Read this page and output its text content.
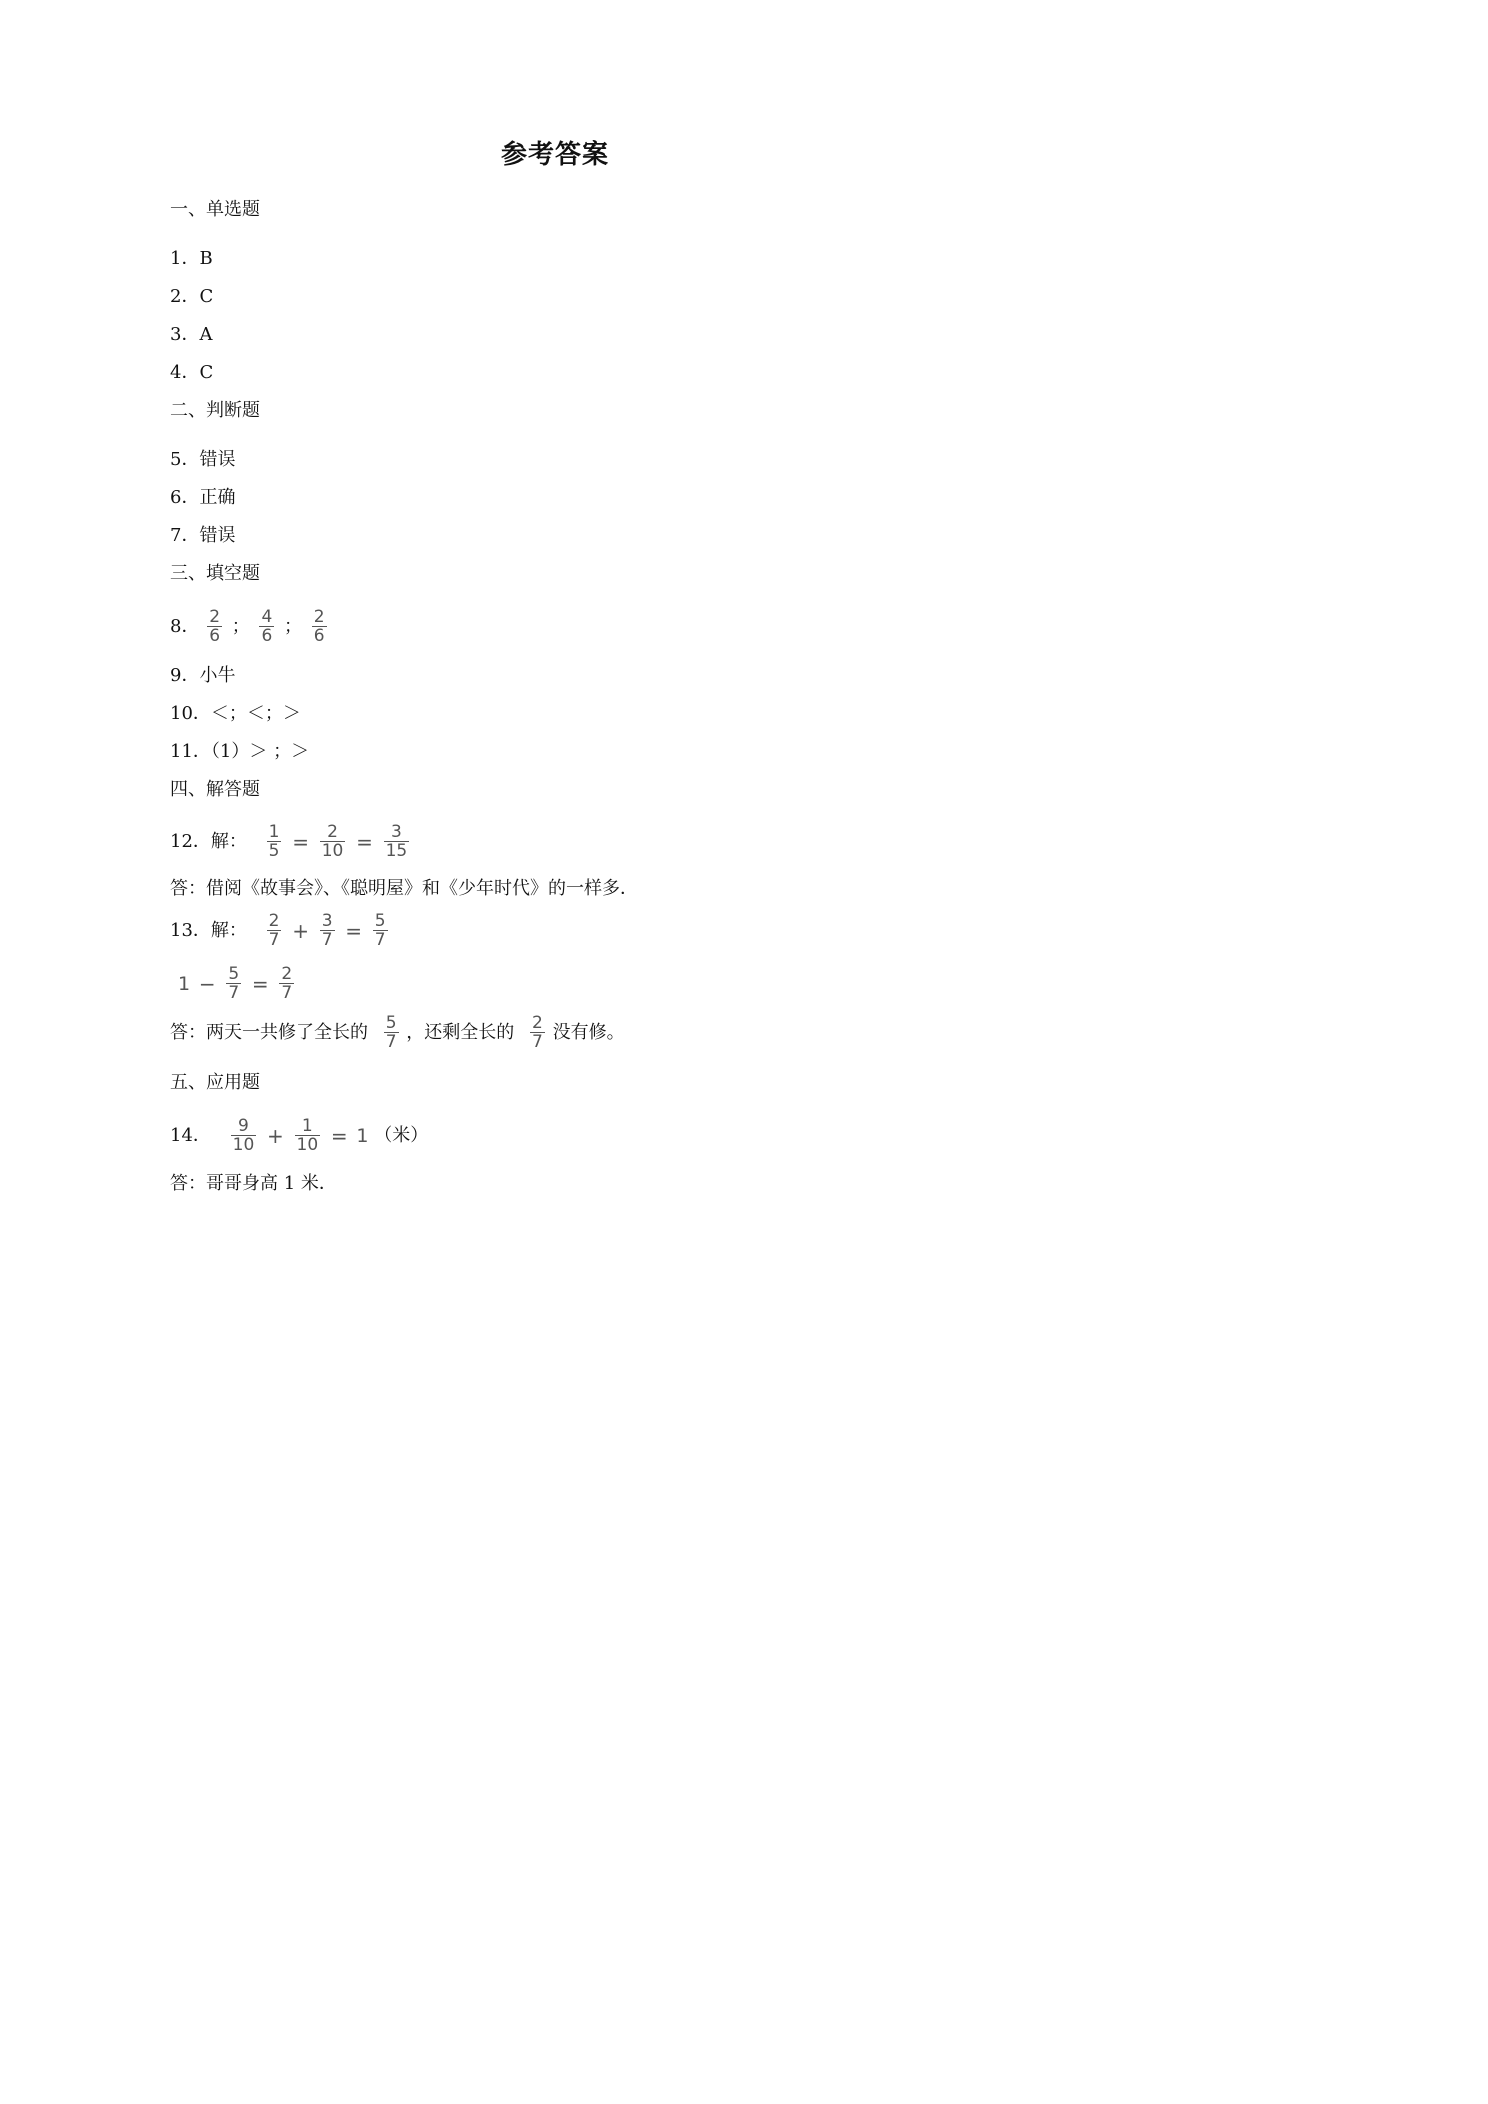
参考答案
一、单选题
1．B
2．C
3．A
4．C
二、判断题
5．错误
6．正确
7．错误
三、填空题
8． $\frac{2}{6}$ ； $\frac{4}{6}$ ； $\frac{2}{6}$
9．小牛
10．＜；＜；＞
11．（1）＞ ；＞
四、解答题
12．解： $\frac{1}{5} = \frac{2}{10} = \frac{3}{15}$
答：借阅《故事会》、《聪明屋》和《少年时代》的一样多．
13．解： $\frac{2}{7} + \frac{3}{7} = \frac{5}{7}$
$1 - \frac{5}{7} = \frac{2}{7}$
答：两天一共修了全长的 $\frac{5}{7}$ ，还剩全长的 $\frac{2}{7}$ 没有修。
五、应用题
14． $\frac{9}{10} + \frac{1}{10} = 1$ （米）
答：哥哥身高 1 米．
